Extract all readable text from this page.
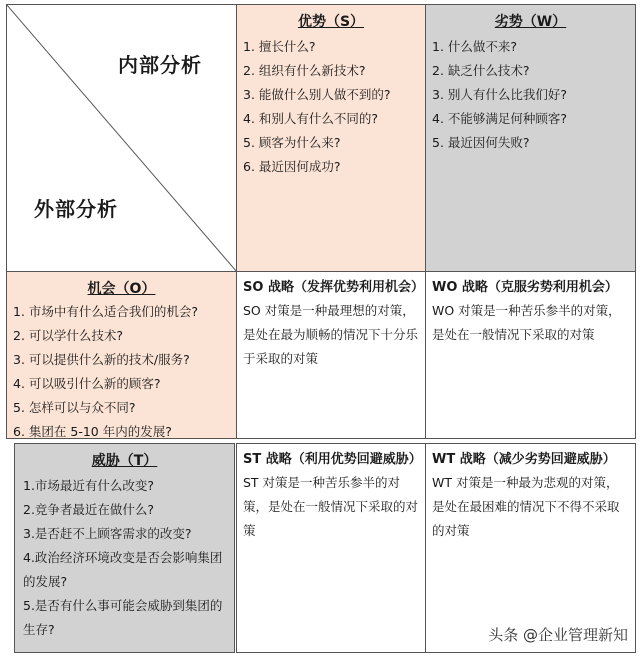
内部分析
外部分析
优势（S）
1. 擅长什么?
2. 组织有什么新技术?
3. 能做什么别人做不到的?
4. 和别人有什么不同的?
5. 顾客为什么来?
6. 最近因何成功?
劣势（W）
1. 什么做不来?
2. 缺乏什么技术?
3. 别人有什么比我们好?
4. 不能够满足何种顾客?
5. 最近因何失败?
机会（O）
1. 市场中有什么适合我们的机会?
2. 可以学什么技术?
3. 可以提供什么新的技术/服务?
4. 可以吸引什么新的顾客?
5. 怎样可以与众不同?
6. 集团在 5-10 年内的发展?
SO 战略（发挥优势利用机会）
SO 对策是一种最理想的对策，是处在最为顺畅的情况下十分乐于采取的对策
WO 战略（克服劣势利用机会）
WO 对策是一种苦乐参半的对策，是处在一般情况下采取的对策
威胁（T）
1.市场最近有什么改变?
2.竞争者最近在做什么?
3.是否赶不上顾客需求的改变?
4.政治经济环境改变是否会影响集团的发展?
5.是否有什么事可能会威胁到集团的生存?
ST 战略（利用优势回避威胁）
ST 对策是一种苦乐参半的对策，是处在一般情况下采取的对策
WT 战略（减少劣势回避威胁）
WT 对策是一种最为悲观的对策，是处在最困难的情况下不得不采取的对策
头条 @企业管理新知
